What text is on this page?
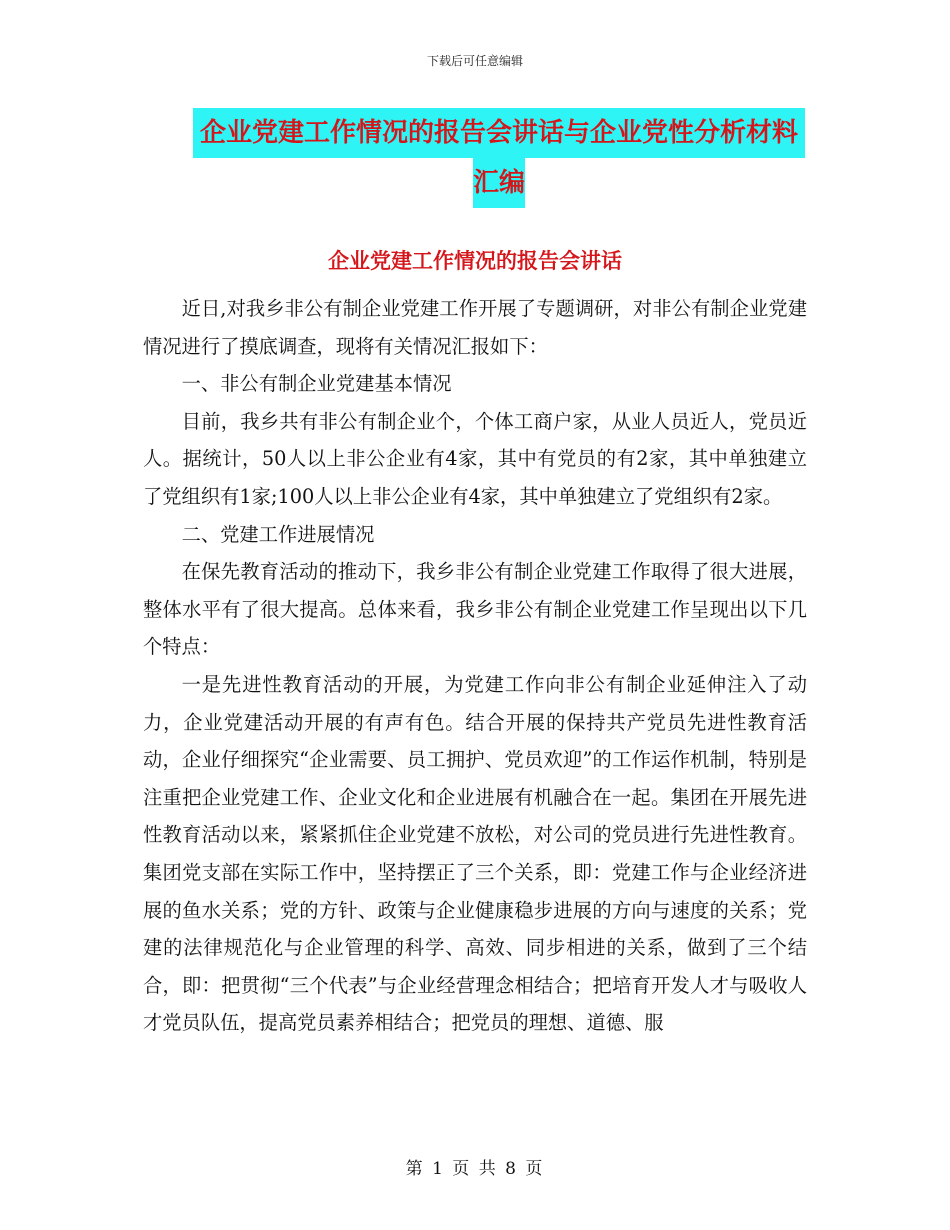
下载后可任意编辑
企业党建工作情况的报告会讲话与企业党性分析材料
汇编
企业党建工作情况的报告会讲话

近日,对我乡非公有制企业党建工作开展了专题调研，对非公有制企业党建情况进行了摸底调查，现将有关情况汇报如下：

一、非公有制企业党建基本情况

目前，我乡共有非公有制企业个，个体工商户家，从业人员近人，党员近人。据统计，50人以上非公企业有4家，其中有党员的有2家，其中单独建立了党组织有1家;100人以上非公企业有4家，其中单独建立了党组织有2家。

二、党建工作进展情况

在保先教育活动的推动下，我乡非公有制企业党建工作取得了很大进展，整体水平有了很大提高。总体来看，我乡非公有制企业党建工作呈现出以下几个特点：

一是先进性教育活动的开展，为党建工作向非公有制企业延伸注入了动力，企业党建活动开展的有声有色。结合开展的保持共产党员先进性教育活动，企业仔细探究“企业需要、员工拥护、党员欢迎”的工作运作机制，特别是注重把企业党建工作、企业文化和企业进展有机融合在一起。集团在开展先进性教育活动以来，紧紧抓住企业党建不放松，对公司的党员进行先进性教育。集团党支部在实际工作中，坚持摆正了三个关系，即：党建工作与企业经济进展的鱼水关系；党的方针、政策与企业健康稳步进展的方向与速度的关系；党建的法律规范化与企业管理的科学、高效、同步相进的关系，做到了三个结合，即：把贯彻“三个代表”与企业经营理念相结合；把培育开发人才与吸收人才党员队伍，提高党员素养相结合；把党员的理想、道德、服

第 1 页 共 8 页
